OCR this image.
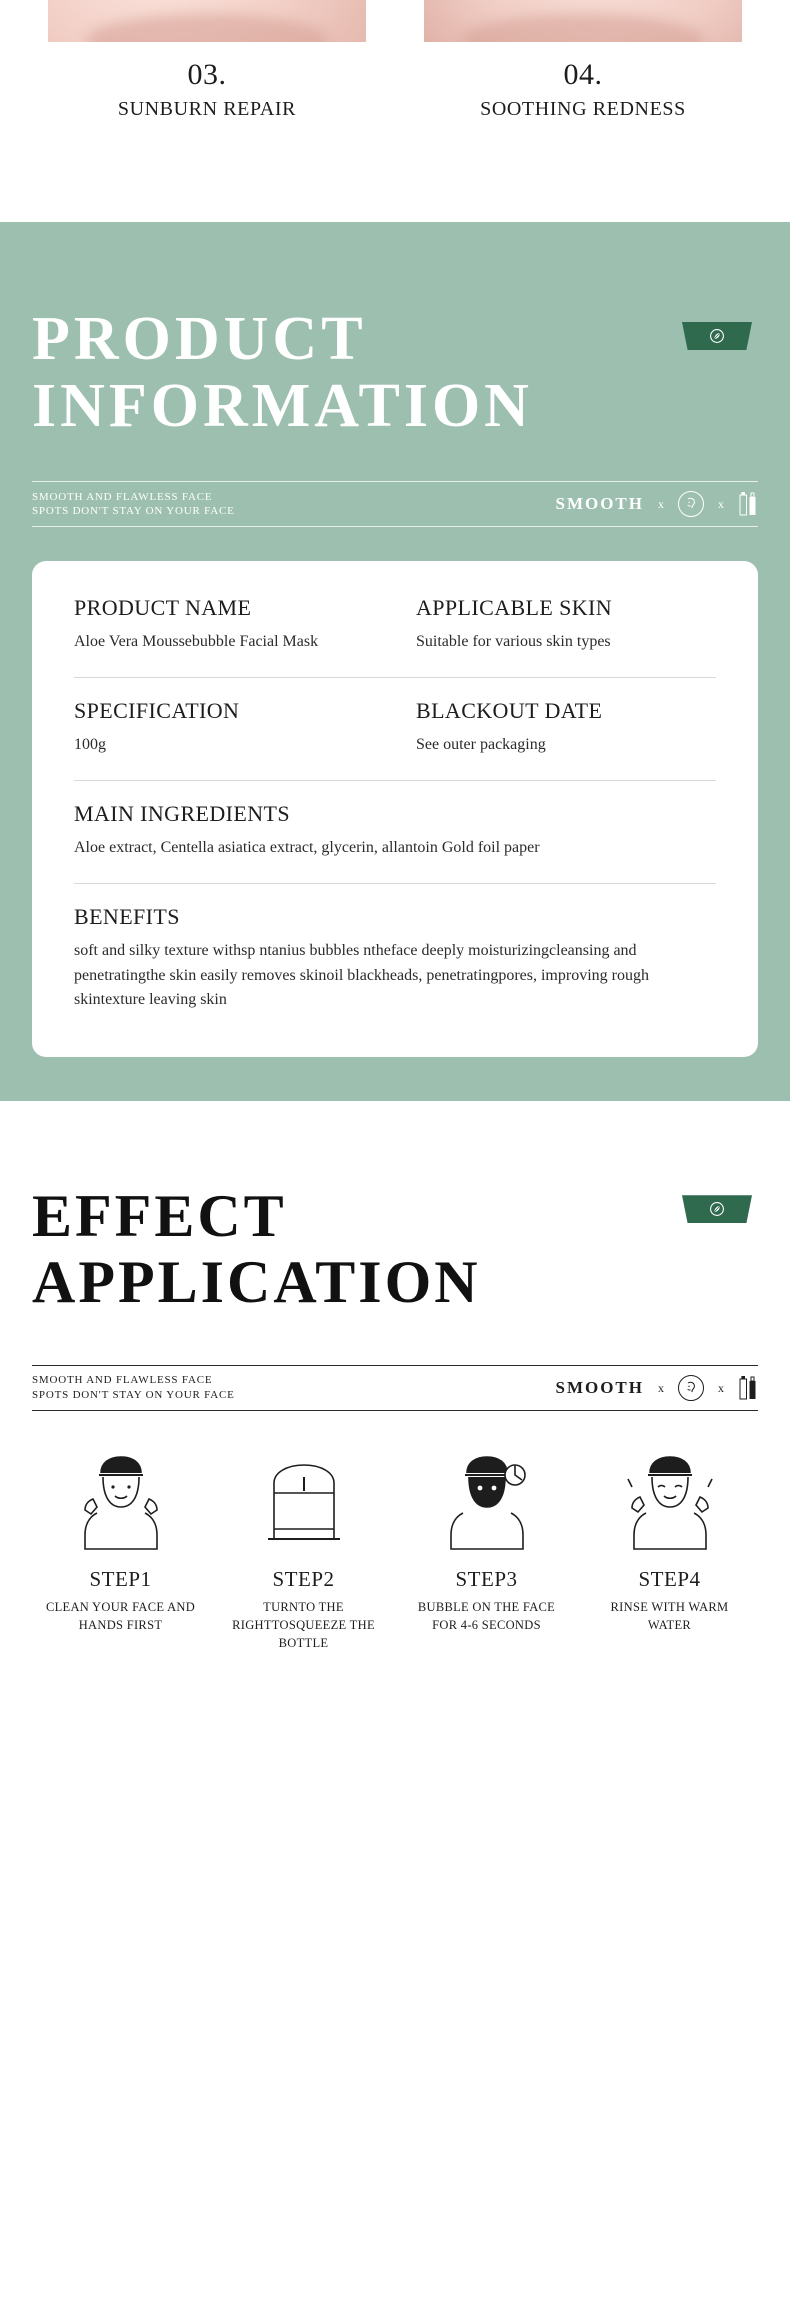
03.
SUNBURN REPAIR
04.
SOOTHING REDNESS
PRODUCT
INFORMATION
SMOOTH AND FLAWLESS FACE
SPOTS DON'T STAY ON YOUR FACE	SMOOTH x	x
PRODUCT NAME
Aloe Vera Moussebubble Facial Mask
APPLICABLE SKIN
Suitable for various skin types
SPECIFICATION
100g
BLACKOUT DATE
See outer packaging
MAIN INGREDIENTS
Aloe extract, Centella asiatica extract, glycerin, allantoin Gold foil paper
BENEFITS
soft and silky texture withsp ntanius bubbles ntheface deeply moisturizingcleansing and penetratingthe skin easily removes skinoil blackheads, penetratingpores, improving rough skintexture leaving skin
EFFECT
APPLICATION
SMOOTH AND FLAWLESS FACE
SPOTS DON'T STAY ON YOUR FACE	SMOOTH x	x
STEP1
CLEAN YOUR FACE AND HANDS FIRST
STEP2
TURNTO THE RIGHTTOSQUEEZE THE BOTTLE
STEP3
BUBBLE ON THE FACE FOR 4-6 SECONDS
STEP4
RINSE WITH WARM WATER
